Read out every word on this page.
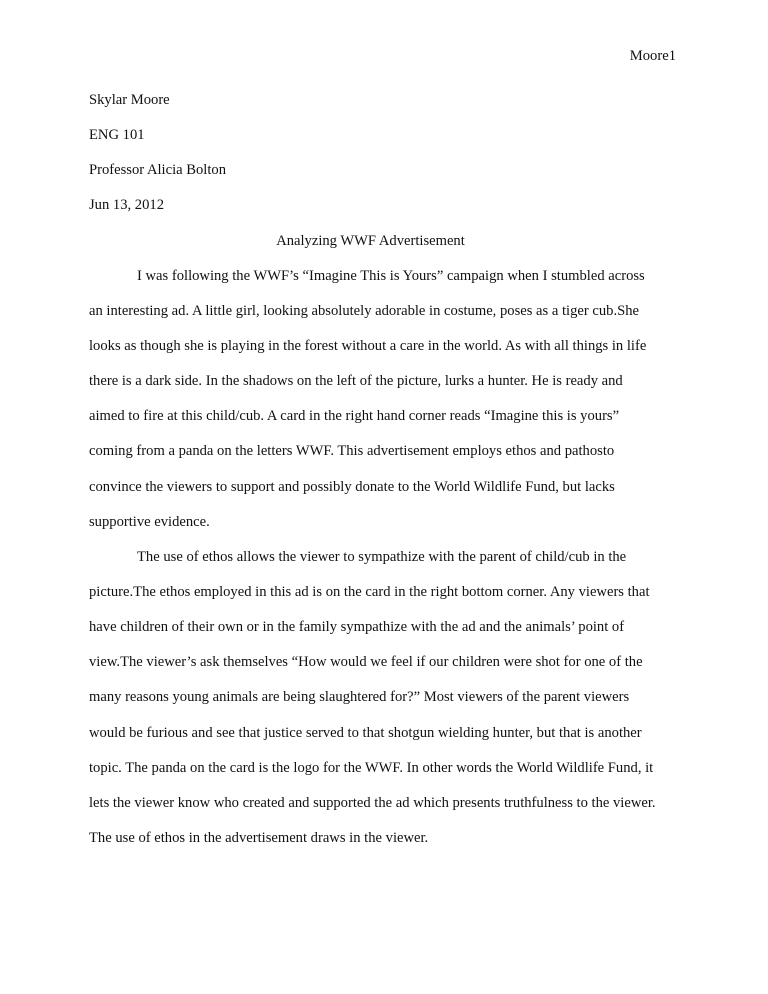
Moore1
Skylar Moore
ENG 101
Professor Alicia Bolton
Jun 13, 2012
Analyzing WWF Advertisement
I was following the WWF’s “Imagine This is Yours” campaign when I stumbled across
an interesting ad. A little girl, looking absolutely adorable in costume, poses as a tiger cub.She
looks as though she is playing in the forest without a care in the world. As with all things in life
there is a dark side. In the shadows on the left of the picture, lurks a hunter. He is ready and
aimed to fire at this child/cub. A card in the right hand corner reads “Imagine this is yours”
coming from a panda on the letters WWF. This advertisement employs ethos and pathosto
convince the viewers to support and possibly donate to the World Wildlife Fund, but lacks
supportive evidence.
The use of ethos allows the viewer to sympathize with the parent of child/cub in the
picture.The ethos employed in this ad is on the card in the right bottom corner. Any viewers that
have children of their own or in the family sympathize with the ad and the animals’ point of
view.The viewer’s ask themselves “How would we feel if our children were shot for one of the
many reasons young animals are being slaughtered for?” Most viewers of the parent viewers
would be furious and see that justice served to that shotgun wielding hunter, but that is another
topic. The panda on the card is the logo for the WWF. In other words the World Wildlife Fund, it
lets the viewer know who created and supported the ad which presents truthfulness to the viewer.
The use of ethos in the advertisement draws in the viewer.
